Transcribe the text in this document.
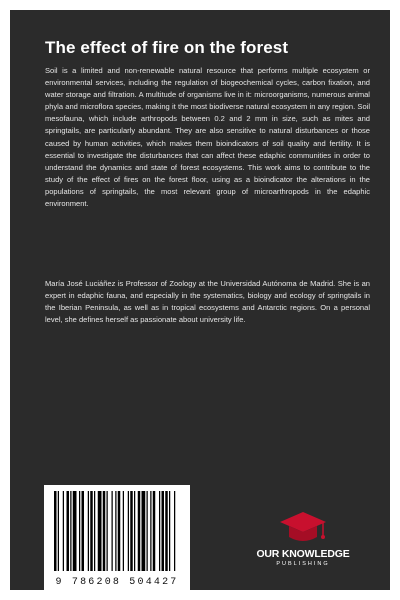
The effect of fire on the forest

Soil is a limited and non-renewable natural resource that performs multiple ecosystem or environmental services, including the regulation of biogeochemical cycles, carbon fixation, and water storage and filtration. A multitude of organisms live in it: microorganisms, numerous animal phyla and microflora species, making it the most biodiverse natural ecosystem in any region. Soil mesofauna, which include arthropods between 0.2 and 2 mm in size, such as mites and springtails, are particularly abundant. They are also sensitive to natural disturbances or those caused by human activities, which makes them bioindicators of soil quality and fertility. It is essential to investigate the disturbances that can affect these edaphic communities in order to understand the dynamics and state of forest ecosystems. This work aims to contribute to the study of the effect of fires on the forest floor, using as a bioindicator the alterations in the populations of springtails, the most relevant group of microarthropods in the edaphic environment.

María José Luciáñez is Professor of Zoology at the Universidad Autónoma de Madrid. She is an expert in edaphic fauna, and especially in the systematics, biology and ecology of springtails in the Iberian Peninsula, as well as in tropical ecosystems and Antarctic regions. On a personal level, she defines herself as passionate about university life.

9 786208 504427
OUR KNOWLEDGE
PUBLISHING
